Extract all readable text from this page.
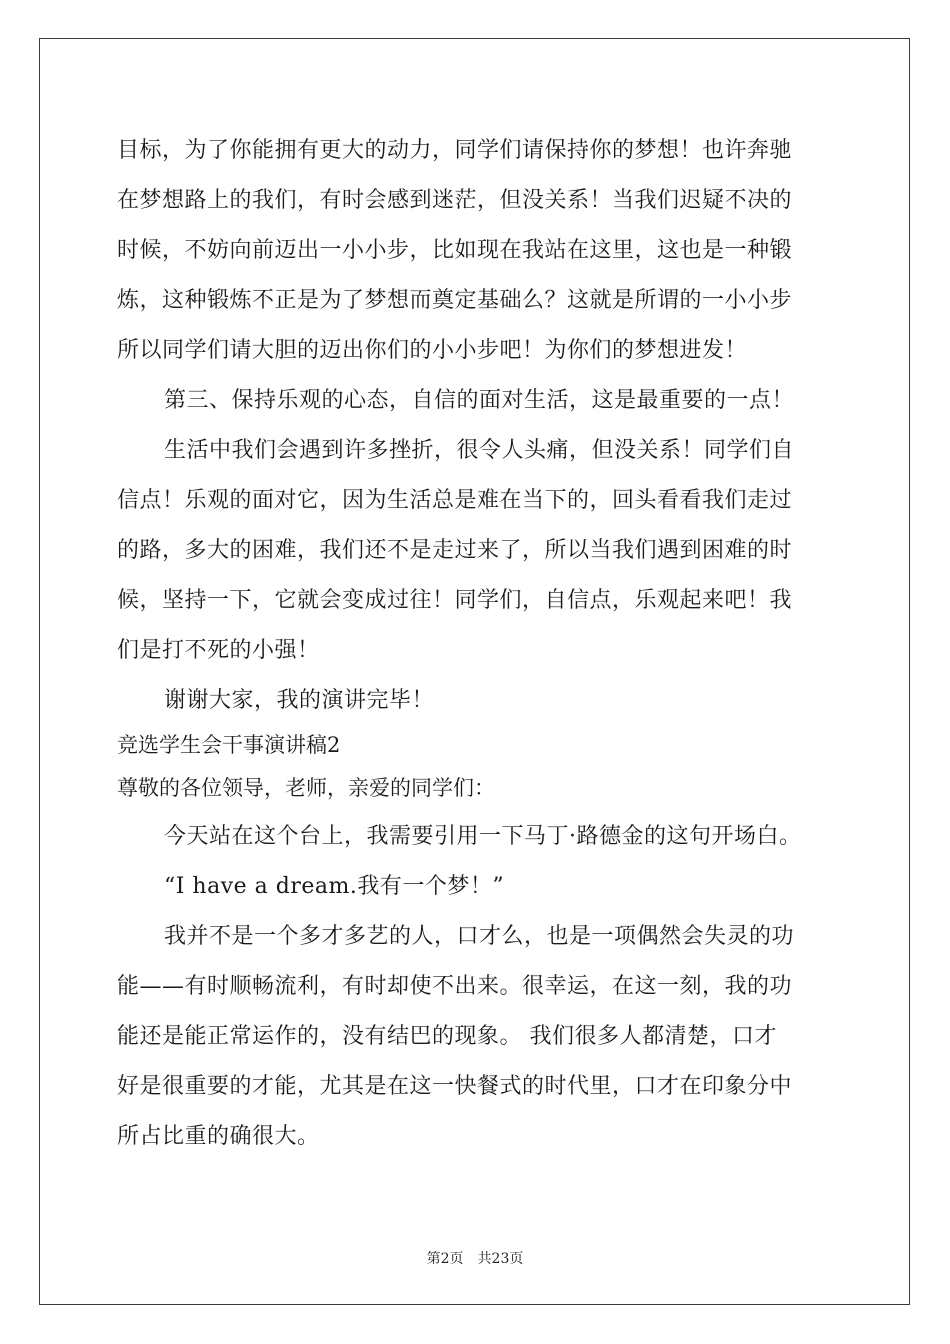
目标，为了你能拥有更大的动力，同学们请保持你的梦想！也许奔驰
在梦想路上的我们，有时会感到迷茫，但没关系！当我们迟疑不决的
时候，不妨向前迈出一小小步，比如现在我站在这里，这也是一种锻
炼，这种锻炼不正是为了梦想而奠定基础么？这就是所谓的一小小步
所以同学们请大胆的迈出你们的小小步吧！为你们的梦想进发！
第三、保持乐观的心态，自信的面对生活，这是最重要的一点！
生活中我们会遇到许多挫折，很令人头痛，但没关系！同学们自
信点！乐观的面对它，因为生活总是难在当下的，回头看看我们走过
的路，多大的困难，我们还不是走过来了，所以当我们遇到困难的时
候，坚持一下，它就会变成过往！同学们，自信点，乐观起来吧！我
们是打不死的小强！
谢谢大家，我的演讲完毕！
竞选学生会干事演讲稿2
尊敬的各位领导，老师，亲爱的同学们：
今天站在这个台上，我需要引用一下马丁·路德金的这句开场白。
“I have a dream.我有一个梦！”
我并不是一个多才多艺的人，口才么，也是一项偶然会失灵的功
能——有时顺畅流利，有时却使不出来。很幸运，在这一刻，我的功
能还是能正常运作的，没有结巴的现象。 我们很多人都清楚，口才
好是很重要的才能，尤其是在这一快餐式的时代里，口才在印象分中
所占比重的确很大。
第2页　共23页
